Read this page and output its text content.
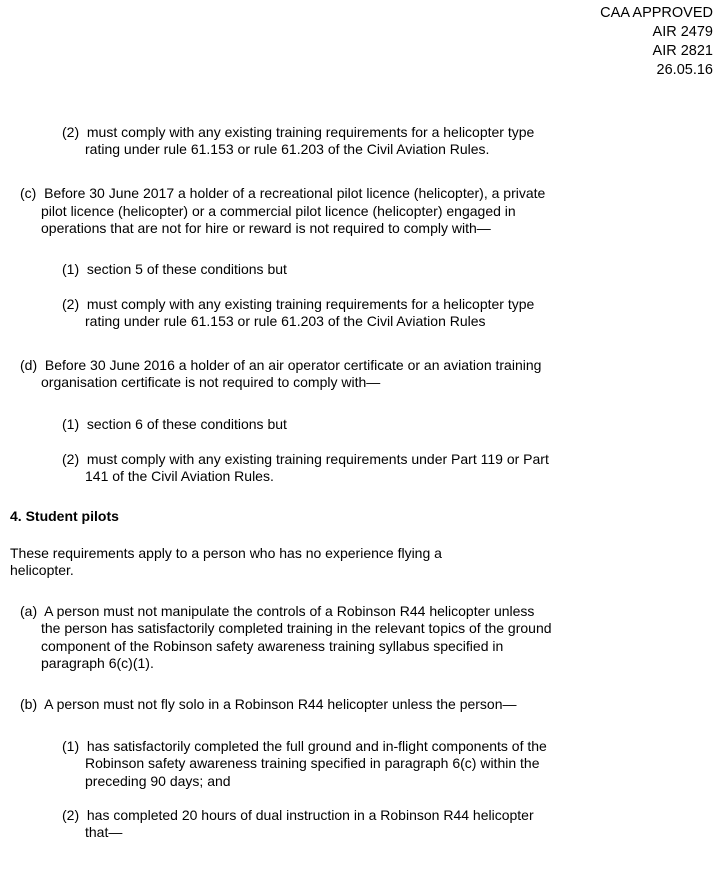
CAA APPROVED
AIR 2479
AIR 2821
26.05.16
(2)  must comply with any existing training requirements for a helicopter type rating under rule 61.153 or rule 61.203 of the Civil Aviation Rules.
(c)  Before 30 June 2017 a holder of a recreational pilot licence (helicopter), a private pilot licence (helicopter) or a commercial pilot licence (helicopter) engaged in operations that are not for hire or reward is not required to comply with—
(1)  section 5 of these conditions but
(2)  must comply with any existing training requirements for a helicopter type rating under rule 61.153 or rule 61.203 of the Civil Aviation Rules
(d)  Before 30 June 2016 a holder of an air operator certificate or an aviation training organisation certificate is not required to comply with—
(1)  section 6 of these conditions but
(2)  must comply with any existing training requirements under Part 119 or Part 141 of the Civil Aviation Rules.
4. Student pilots
These requirements apply to a person who has no experience flying a helicopter.
(a)  A person must not manipulate the controls of a Robinson R44 helicopter unless the person has satisfactorily completed training in the relevant topics of the ground component of the Robinson safety awareness training syllabus specified in paragraph 6(c)(1).
(b)  A person must not fly solo in a Robinson R44 helicopter unless the person—
(1)  has satisfactorily completed the full ground and in-flight components of the Robinson safety awareness training specified in paragraph 6(c) within the preceding 90 days; and
(2)  has completed 20 hours of dual instruction in a Robinson R44 helicopter that—
